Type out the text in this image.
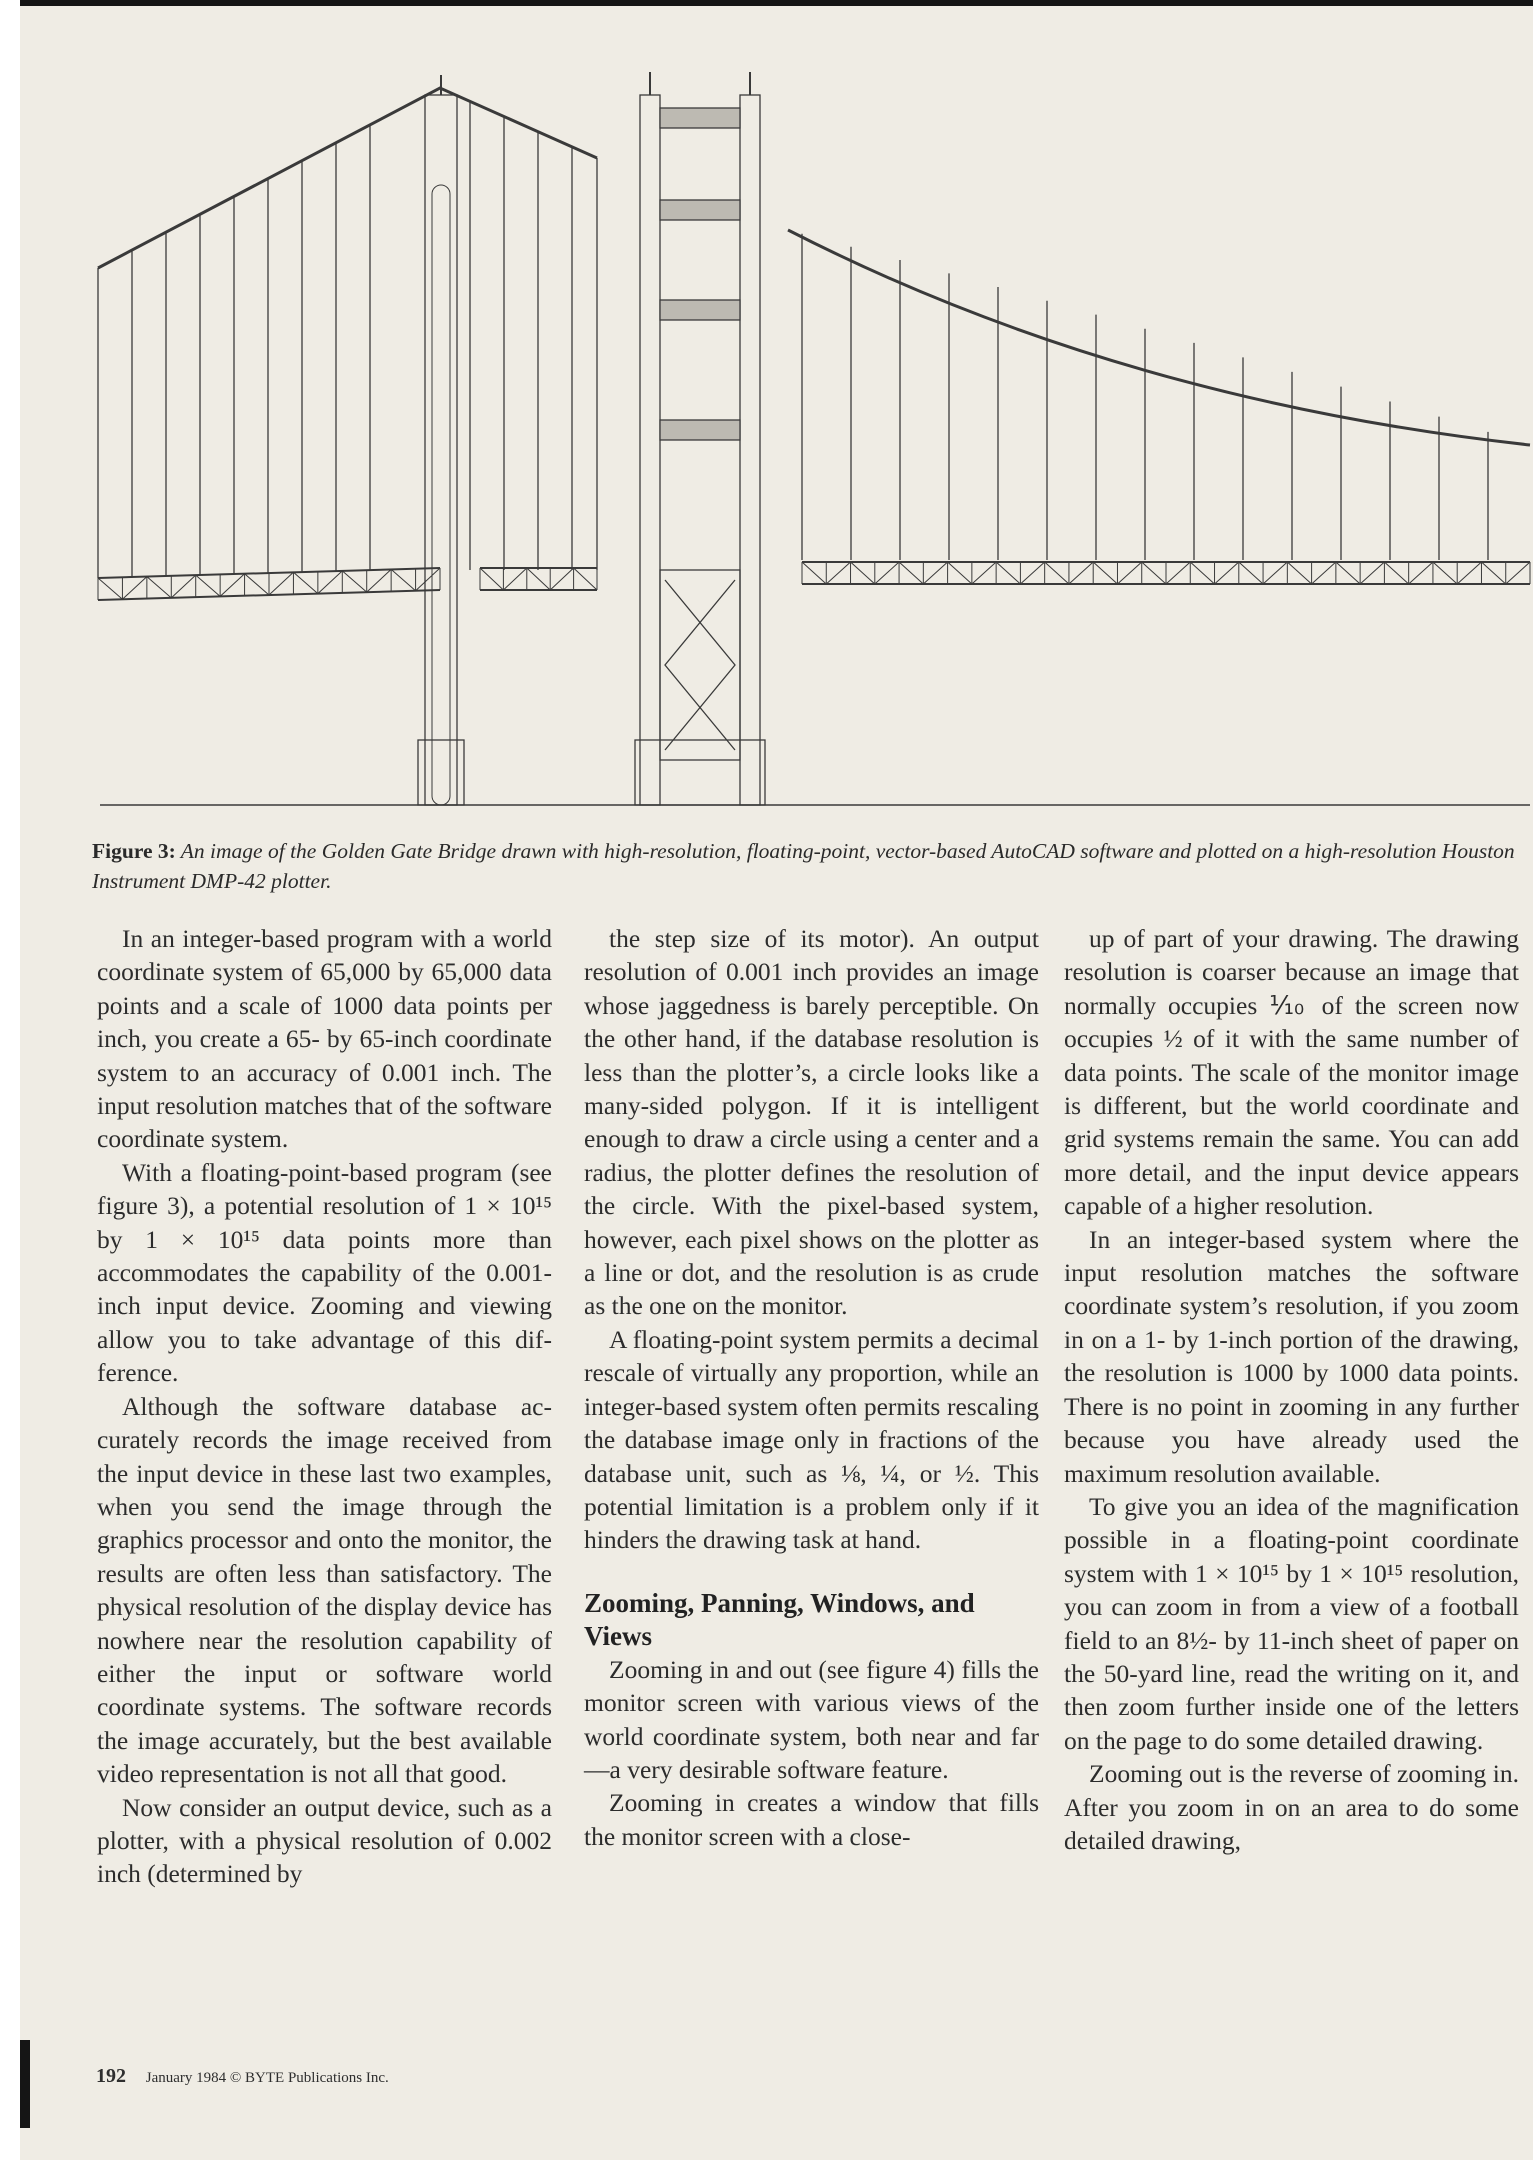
Figure 3: An image of the Golden Gate Bridge drawn with high-resolution, floating-point, vector-based AutoCAD software and plotted on a high-resolution Houston Instrument DMP-42 plotter.

In an integer-based program with a world coordinate system of 65,000 by 65,000 data points and a scale of 1000 data points per inch, you create a 65- by 65-inch coordinate system to an accuracy of 0.001 inch. The input resolution matches that of the software coordinate system.

With a floating-point-based program (see figure 3), a potential resolution of 1 × 10¹⁵ by 1 × 10¹⁵ data points more than accommodates the capability of the 0.001-inch input device. Zooming and viewing allow you to take advantage of this difference.

Although the software database accurately records the image received from the input device in these last two examples, when you send the image through the graphics processor and onto the monitor, the results are often less than satisfactory. The physical resolution of the display device has nowhere near the resolution capability of either the input or software world coordinate systems. The software records the image accurately, but the best available video representation is not all that good.

Now consider an output device, such as a plotter, with a physical resolution of 0.002 inch (determined by

the step size of its motor). An output resolution of 0.001 inch provides an image whose jaggedness is barely perceptible. On the other hand, if the database resolution is less than the plotter’s, a circle looks like a many-sided polygon. If it is intelligent enough to draw a circle using a center and a radius, the plotter defines the resolution of the circle. With the pixel-based system, however, each pixel shows on the plotter as a line or dot, and the resolution is as crude as the one on the monitor.

A floating-point system permits a decimal rescale of virtually any proportion, while an integer-based system often permits rescaling the database image only in fractions of the database unit, such as ⅛, ¼, or ½. This potential limitation is a problem only if it hinders the drawing task at hand.

Zooming, Panning, Windows, and Views

Zooming in and out (see figure 4) fills the monitor screen with various views of the world coordinate system, both near and far—a very desirable software feature.

Zooming in creates a window that fills the monitor screen with a close-

up of part of your drawing. The drawing resolution is coarser because an image that normally occupies ⅒ of the screen now occupies ½ of it with the same number of data points. The scale of the monitor image is different, but the world coordinate and grid systems remain the same. You can add more detail, and the input device appears capable of a higher resolution.

In an integer-based system where the input resolution matches the software coordinate system’s resolution, if you zoom in on a 1- by 1-inch portion of the drawing, the resolution is 1000 by 1000 data points. There is no point in zooming in any further because you have already used the maximum resolution available.

To give you an idea of the magnification possible in a floating-point coordinate system with 1 × 10¹⁵ by 1 × 10¹⁵ resolution, you can zoom in from a view of a football field to an 8½- by 11-inch sheet of paper on the 50-yard line, read the writing on it, and then zoom further inside one of the letters on the page to do some detailed drawing.

Zooming out is the reverse of zooming in. After you zoom in on an area to do some detailed drawing,

192 January 1984 © BYTE Publications Inc.
